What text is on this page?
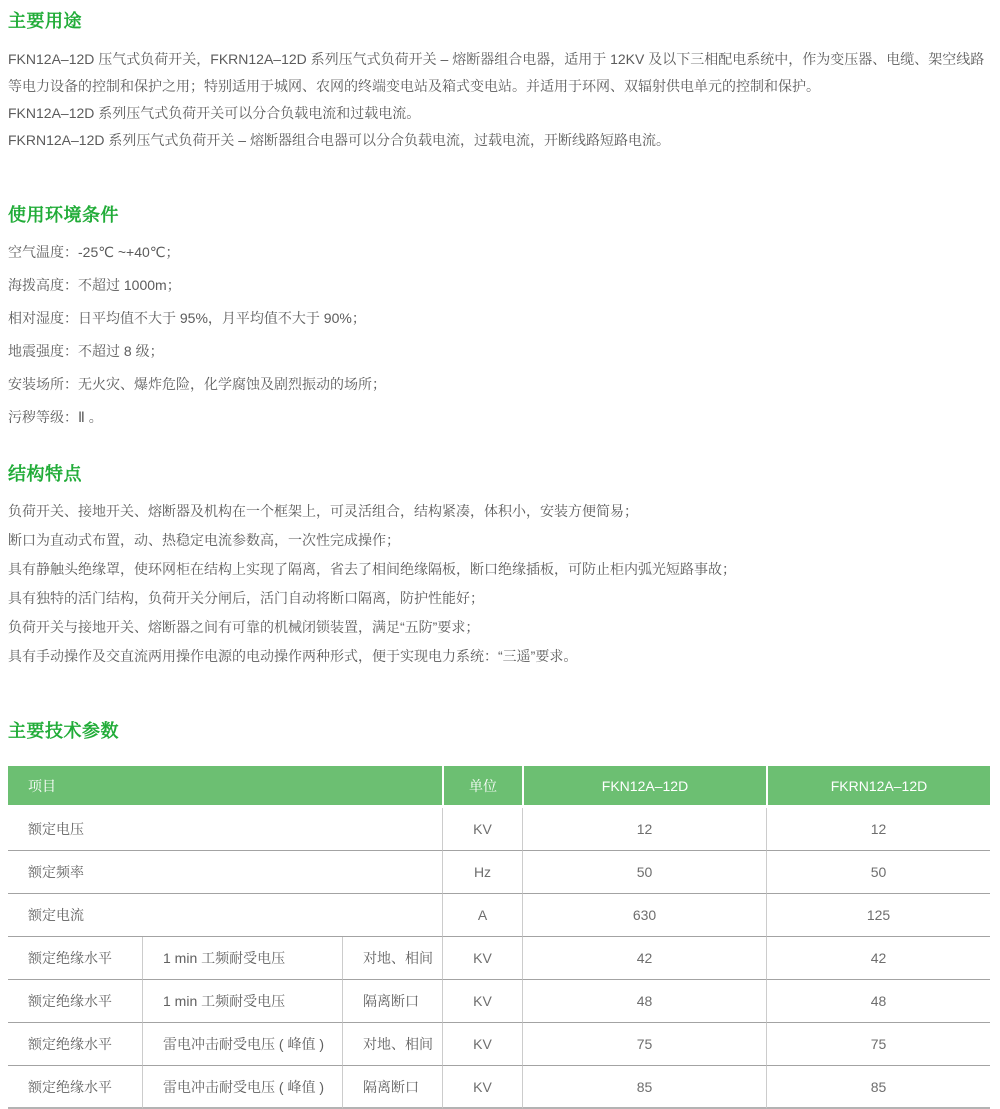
主要用途

FKN12A–12D 压气式负荷开关，FKRN12A–12D 系列压气式负荷开关 – 熔断器组合电器，适用于 12KV 及以下三相配电系统中，作为变压器、电缆、架空线路等电力设备的控制和保护之用；特别适用于城网、农网的终端变电站及箱式变电站。并适用于环网、双辐射供电单元的控制和保护。

FKN12A–12D 系列压气式负荷开关可以分合负载电流和过载电流。

FKRN12A–12D 系列压气式负荷开关 – 熔断器组合电器可以分合负载电流，过载电流，开断线路短路电流。

使用环境条件

空气温度：-25℃ ~+40℃；

海拨高度：不超过 1000m；

相对湿度：日平均值不大于 95%，月平均值不大于 90%；

地震强度：不超过 8 级；

安装场所：无火灾、爆炸危险，化学腐蚀及剧烈振动的场所；

污秽等级：Ⅱ 。

结构特点

负荷开关、接地开关、熔断器及机构在一个框架上，可灵活组合，结构紧凑，体积小，安装方便简易；

断口为直动式布置，动、热稳定电流参数高，一次性完成操作；

具有静触头绝缘罩，使环网柜在结构上实现了隔离，省去了相间绝缘隔板，断口绝缘插板，可防止柜内弧光短路事故；

具有独特的活门结构，负荷开关分闸后，活门自动将断口隔离，防护性能好；

负荷开关与接地开关、熔断器之间有可靠的机械闭锁装置，满足“五防”要求；

具有手动操作及交直流两用操作电源的电动操作两种形式，便于实现电力系统：“三遥”要求。

主要技术参数
项目			单位	FKN12A–12D	FKRN12A–12D
额定电压			KV	12	12
额定频率			Hz	50	50
额定电流			A	630	125
额定绝缘水平	1 min 工频耐受电压	对地、相间	KV	42	42
额定绝缘水平	1 min 工频耐受电压	隔离断口	KV	48	48
额定绝缘水平	雷电冲击耐受电压 ( 峰值 )	对地、相间	KV	75	75
额定绝缘水平	雷电冲击耐受电压 ( 峰值 )	隔离断口	KV	85	85
